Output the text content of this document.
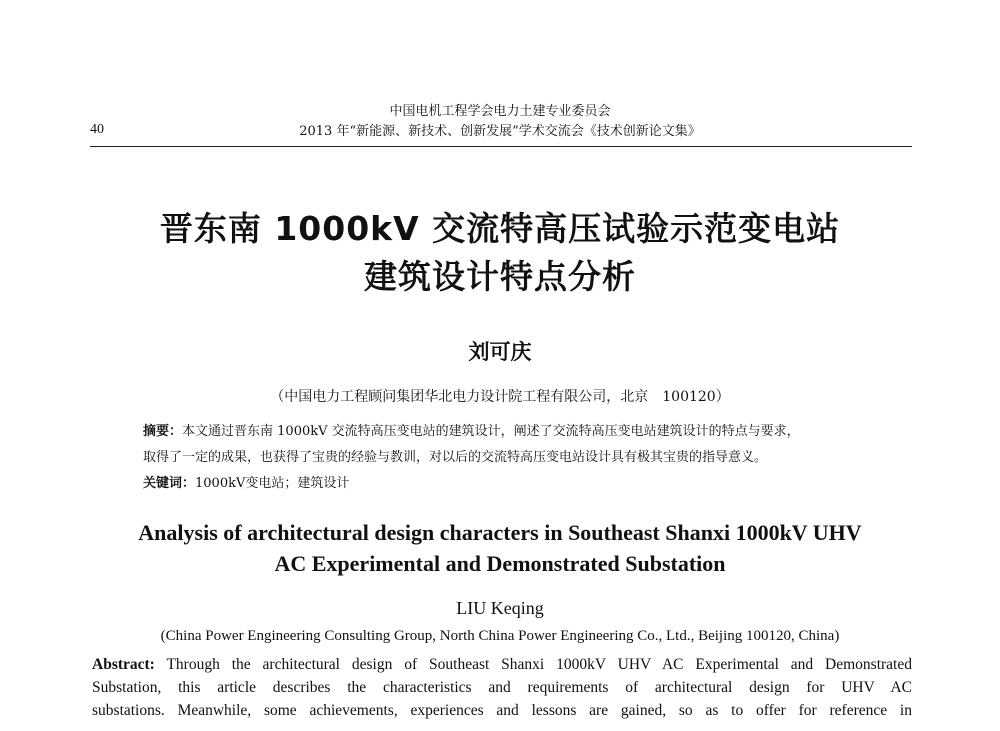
中国电机工程学会电力土建专业委员会
2013 年“新能源、新技术、创新发展”学术交流会《技术创新论文集》
40
晋东南 1000kV 交流特高压试验示范变电站
建筑设计特点分析
刘可庆
（中国电力工程顾问集团华北电力设计院工程有限公司，北京　100120）
摘要：本文通过晋东南 1000kV 交流特高压变电站的建筑设计，阐述了交流特高压变电站建筑设计的特点与要求，
取得了一定的成果，也获得了宝贵的经验与教训，对以后的交流特高压变电站设计具有极其宝贵的指导意义。
关键词：1000kV变电站；建筑设计
Analysis of architectural design characters in Southeast Shanxi 1000kV UHV
AC Experimental and Demonstrated Substation
LIU Keqing
(China Power Engineering Consulting Group, North China Power Engineering Co., Ltd., Beijing 100120, China)
Abstract: Through the architectural design of Southeast Shanxi 1000kV UHV AC Experimental and Demonstrated
Substation, this article describes the characteristics and requirements of architectural design for UHV AC
substations. Meanwhile, some achievements, experiences and lessons are gained, so as to offer for reference in
